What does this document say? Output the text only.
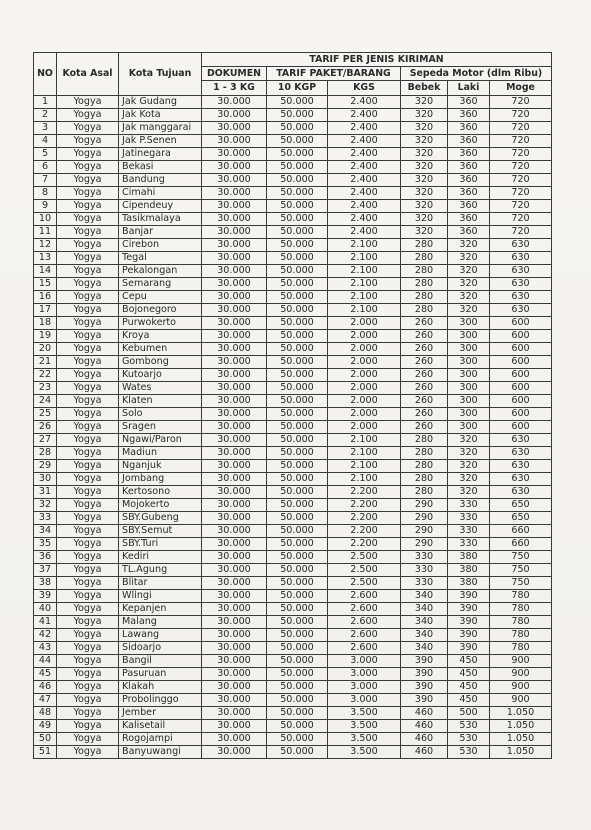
NO	Kota Asal	Kota Tujuan	TARIF PER JENIS KIRIMAN					
			DOKUMEN	TARIF PAKET/BARANG		Sepeda Motor (dlm Ribu)		
			1 - 3 KG	10 KGP	KGS	Bebek	Laki	Moge
1	Yogya	Jak Gudang	30.000	50.000	2.400	320	360	720
2	Yogya	Jak Kota	30.000	50.000	2.400	320	360	720
3	Yogya	Jak manggarai	30.000	50.000	2.400	320	360	720
4	Yogya	Jak P.Senen	30.000	50.000	2.400	320	360	720
5	Yogya	Jatinegara	30.000	50.000	2.400	320	360	720
6	Yogya	Bekasi	30.000	50.000	2.400	320	360	720
7	Yogya	Bandung	30.000	50.000	2.400	320	360	720
8	Yogya	Cimahi	30.000	50.000	2.400	320	360	720
9	Yogya	Cipendeuy	30.000	50.000	2.400	320	360	720
10	Yogya	Tasikmalaya	30.000	50.000	2.400	320	360	720
11	Yogya	Banjar	30.000	50.000	2.400	320	360	720
12	Yogya	Cirebon	30.000	50.000	2.100	280	320	630
13	Yogya	Tegal	30.000	50.000	2.100	280	320	630
14	Yogya	Pekalongan	30.000	50.000	2.100	280	320	630
15	Yogya	Semarang	30.000	50.000	2.100	280	320	630
16	Yogya	Cepu	30.000	50.000	2.100	280	320	630
17	Yogya	Bojonegoro	30.000	50.000	2.100	280	320	630
18	Yogya	Purwokerto	30.000	50.000	2.000	260	300	600
19	Yogya	Kroya	30.000	50.000	2.000	260	300	600
20	Yogya	Kebumen	30.000	50.000	2.000	260	300	600
21	Yogya	Gombong	30.000	50.000	2.000	260	300	600
22	Yogya	Kutoarjo	30.000	50.000	2.000	260	300	600
23	Yogya	Wates	30.000	50.000	2.000	260	300	600
24	Yogya	Klaten	30.000	50.000	2.000	260	300	600
25	Yogya	Solo	30.000	50.000	2.000	260	300	600
26	Yogya	Sragen	30.000	50.000	2.000	260	300	600
27	Yogya	Ngawi/Paron	30.000	50.000	2.100	280	320	630
28	Yogya	Madiun	30.000	50.000	2.100	280	320	630
29	Yogya	Nganjuk	30.000	50.000	2.100	280	320	630
30	Yogya	Jombang	30.000	50.000	2.100	280	320	630
31	Yogya	Kertosono	30.000	50.000	2.200	280	320	630
32	Yogya	Mojokerto	30.000	50.000	2.200	290	330	650
33	Yogya	SBY.Gubeng	30.000	50.000	2.200	290	330	650
34	Yogya	SBY.Semut	30.000	50.000	2.200	290	330	660
35	Yogya	SBY.Turi	30.000	50.000	2.200	290	330	660
36	Yogya	Kediri	30.000	50.000	2.500	330	380	750
37	Yogya	TL.Agung	30.000	50.000	2.500	330	380	750
38	Yogya	Blitar	30.000	50.000	2.500	330	380	750
39	Yogya	Wlingi	30.000	50.000	2.600	340	390	780
40	Yogya	Kepanjen	30.000	50.000	2.600	340	390	780
41	Yogya	Malang	30.000	50.000	2.600	340	390	780
42	Yogya	Lawang	30.000	50.000	2.600	340	390	780
43	Yogya	Sidoarjo	30.000	50.000	2.600	340	390	780
44	Yogya	Bangil	30.000	50.000	3.000	390	450	900
45	Yogya	Pasuruan	30.000	50.000	3.000	390	450	900
46	Yogya	Klakah	30.000	50.000	3.000	390	450	900
47	Yogya	Probolinggo	30.000	50.000	3.000	390	450	900
48	Yogya	Jember	30.000	50.000	3.500	460	500	1.050
49	Yogya	Kalisetail	30.000	50.000	3.500	460	530	1.050
50	Yogya	Rogojampi	30.000	50.000	3.500	460	530	1.050
51	Yogya	Banyuwangi	30.000	50.000	3.500	460	530	1.050
